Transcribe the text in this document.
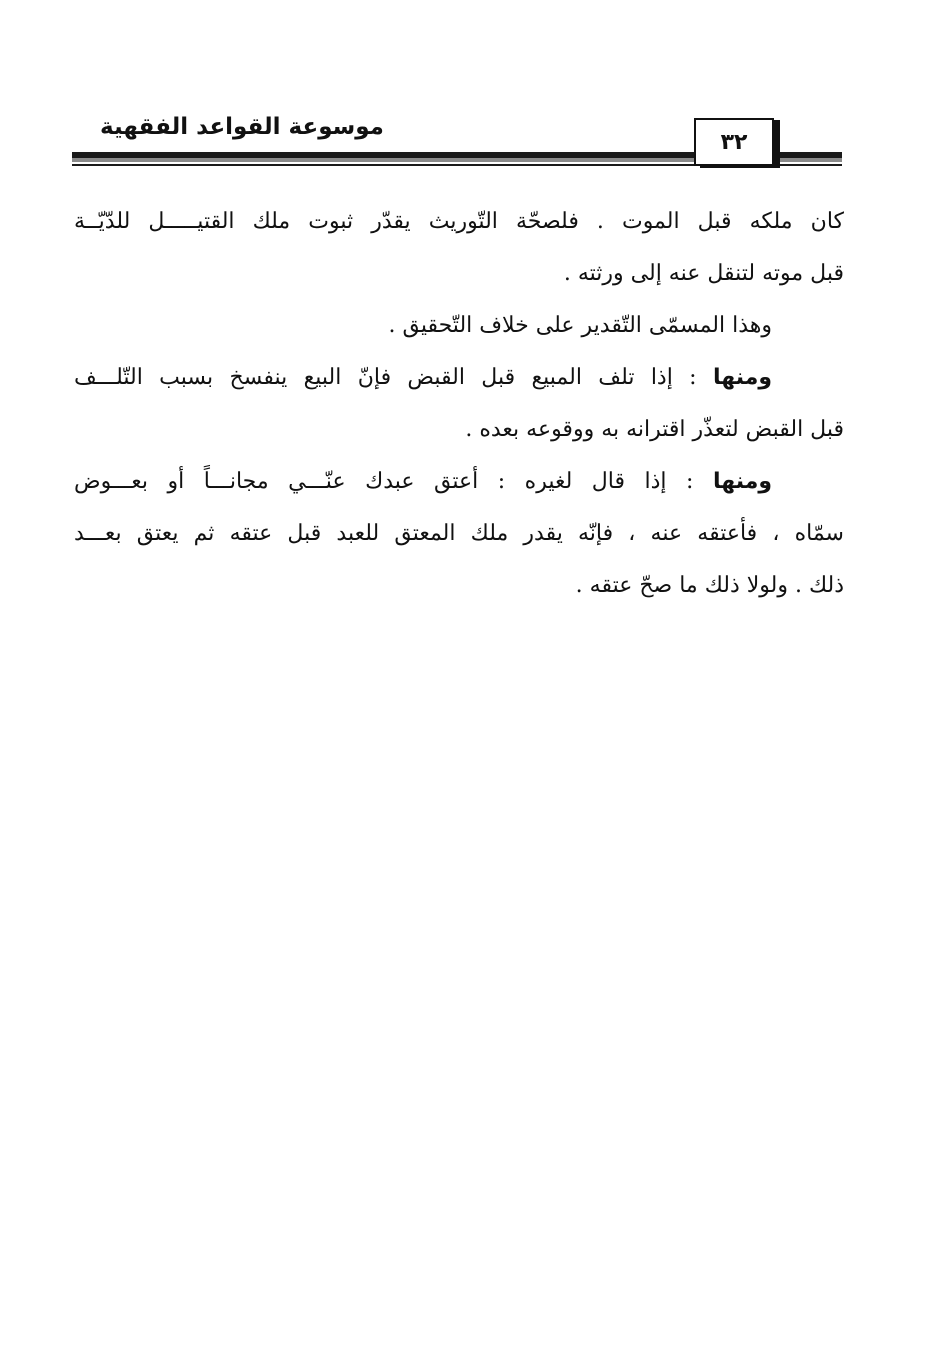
موسوعة القواعد الفقهية
٣٢
كان ملكه قبل الموت . فلصحّة التّوريث يقدّر ثبوت ملك القتيـــــل للدّيّــة
قبل موته لتنقل عنه إلى ورثته .
وهذا المسمّى التّقدير على خلاف التّحقيق .
ومنها : إذا تلف المبيع قبل القبض فإنّ البيع ينفسخ بسبب التّلـــف
قبل القبض لتعذّر اقترانه به ووقوعه بعده .
ومنها : إذا قال لغيره : أعتق عبدك عنّـــي مجانـــاً أو بعـــوض
سمّاه ، فأعتقه عنه ، فإنّه يقدر ملك المعتق للعبد قبل عتقه ثم يعتق بعـــد
ذلك . ولولا ذلك ما صحّ عتقه .
